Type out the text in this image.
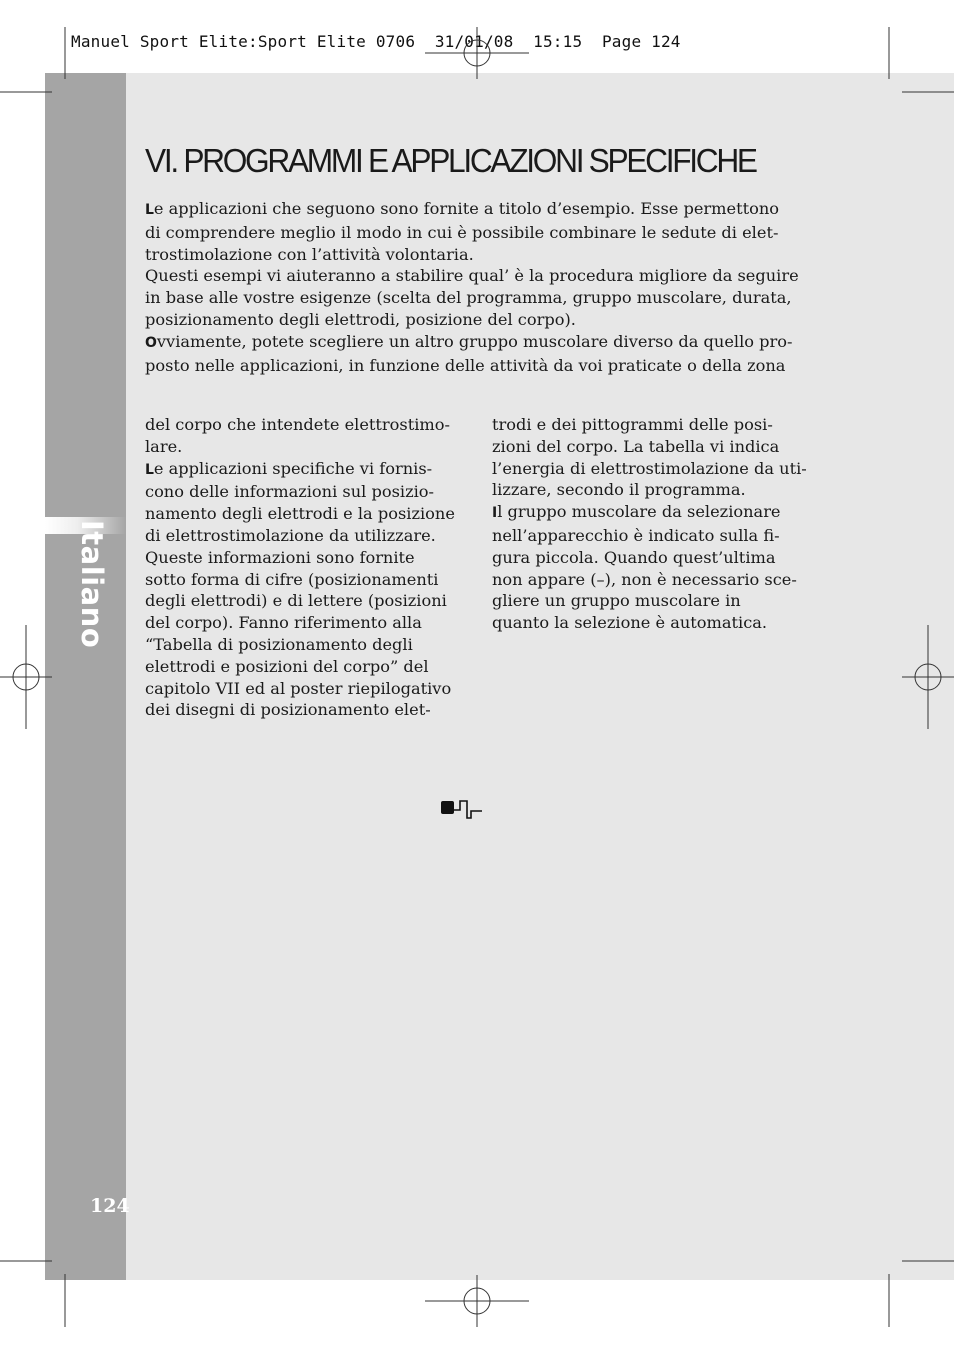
Manuel Sport Elite:Sport Elite 0706  31/01/08  15:15  Page 124
Italiano
124
VI. PROGRAMMI E APPLICAZIONI SPECIFICHE
Le applicazioni che seguono sono fornite a titolo d’esempio. Esse permettono
di comprendere meglio il modo in cui è possibile combinare le sedute di elet-
trostimolazione con l’attività volontaria.
Questi esempi vi aiuteranno a stabilire qual’ è la procedura migliore da seguire
in base alle vostre esigenze (scelta del programma, gruppo muscolare, durata,
posizionamento degli elettrodi, posizione del corpo).
Ovviamente, potete scegliere un altro gruppo muscolare diverso da quello pro-
posto nelle applicazioni, in funzione delle attività da voi praticate o della zona
del corpo che intendete elettrostimo-
lare.
Le applicazioni specifiche vi fornis-
cono delle informazioni sul posizio-
namento degli elettrodi e la posizione
di elettrostimolazione da utilizzare.
Queste informazioni sono fornite
sotto forma di cifre (posizionamenti
degli elettrodi) e di lettere (posizioni
del corpo). Fanno riferimento alla
“Tabella di posizionamento degli
elettrodi e posizioni del corpo” del
capitolo VII ed al poster riepilogativo
dei disegni di posizionamento elet-
trodi e dei pittogrammi delle posi-
zioni del corpo. La tabella vi indica
l’energia di elettrostimolazione da uti-
lizzare, secondo il programma.
Il gruppo muscolare da selezionare
nell’apparecchio è indicato sulla fi-
gura piccola. Quando quest’ultima
non appare (–), non è necessario sce-
gliere un gruppo muscolare in
quanto la selezione è automatica.
